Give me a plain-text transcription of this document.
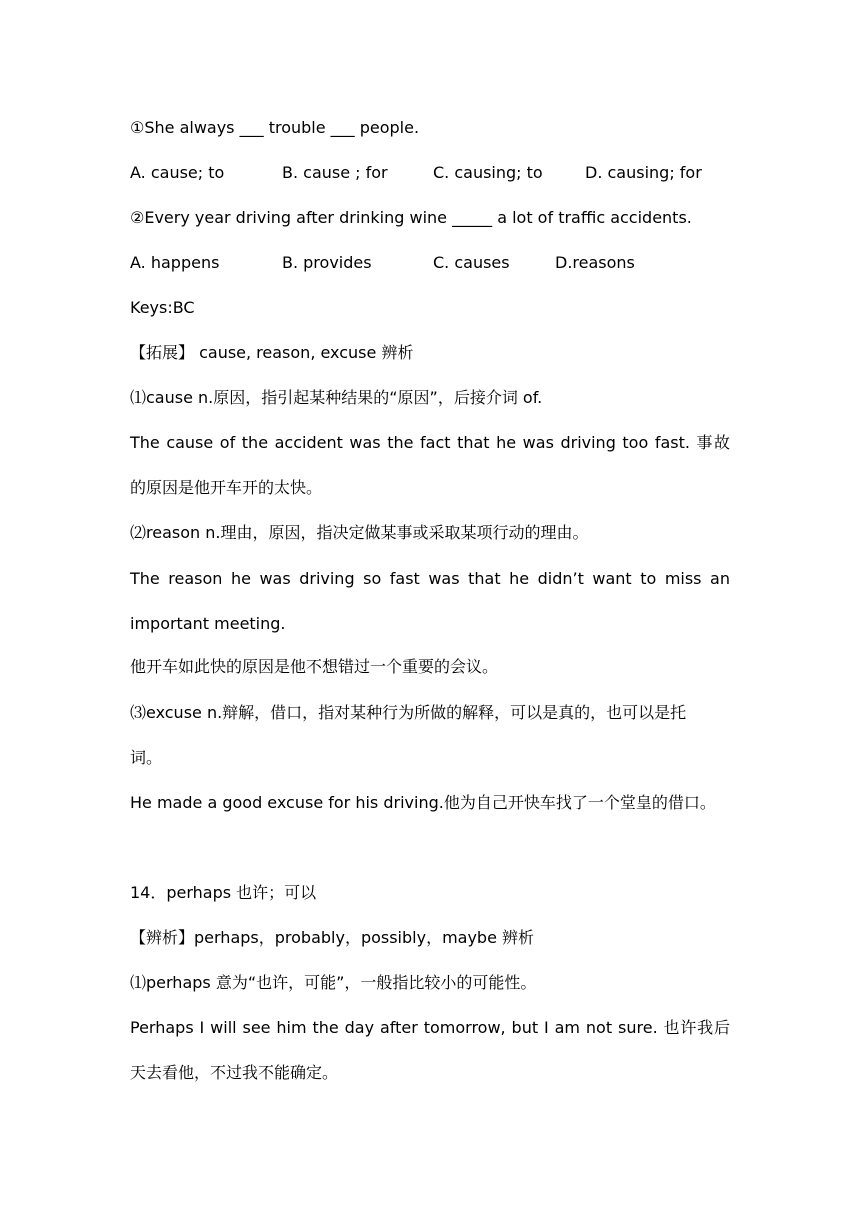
①She always ___ trouble ___ people.
A. cause; to	B. cause ; for	C. causing; to	D. causing; for
②Every year driving after drinking wine _____ a lot of traffic accidents.
A. happens	B. provides	C. causes	D.reasons
Keys:BC
【拓展】 cause, reason, excuse 辨析
⑴cause n.原因，指引起某种结果的“原因”，后接介词 of.
The cause of the accident was the fact that he was driving too fast. 事故
的原因是他开车开的太快。
⑵reason n.理由，原因，指决定做某事或采取某项行动的理由。
The reason he was driving so fast was that he didn’t want to miss an
important meeting.
他开车如此快的原因是他不想错过一个重要的会议。
⑶excuse n.辩解，借口，指对某种行为所做的解释，可以是真的，也可以是托
词。
He made a good excuse for his driving.他为自己开快车找了一个堂皇的借口。
14．perhaps 也许；可以
【辨析】perhaps，probably，possibly，maybe 辨析
⑴perhaps 意为“也许，可能”，一般指比较小的可能性。
Perhaps I will see him the day after tomorrow, but I am not sure. 也许我后
天去看他，不过我不能确定。
